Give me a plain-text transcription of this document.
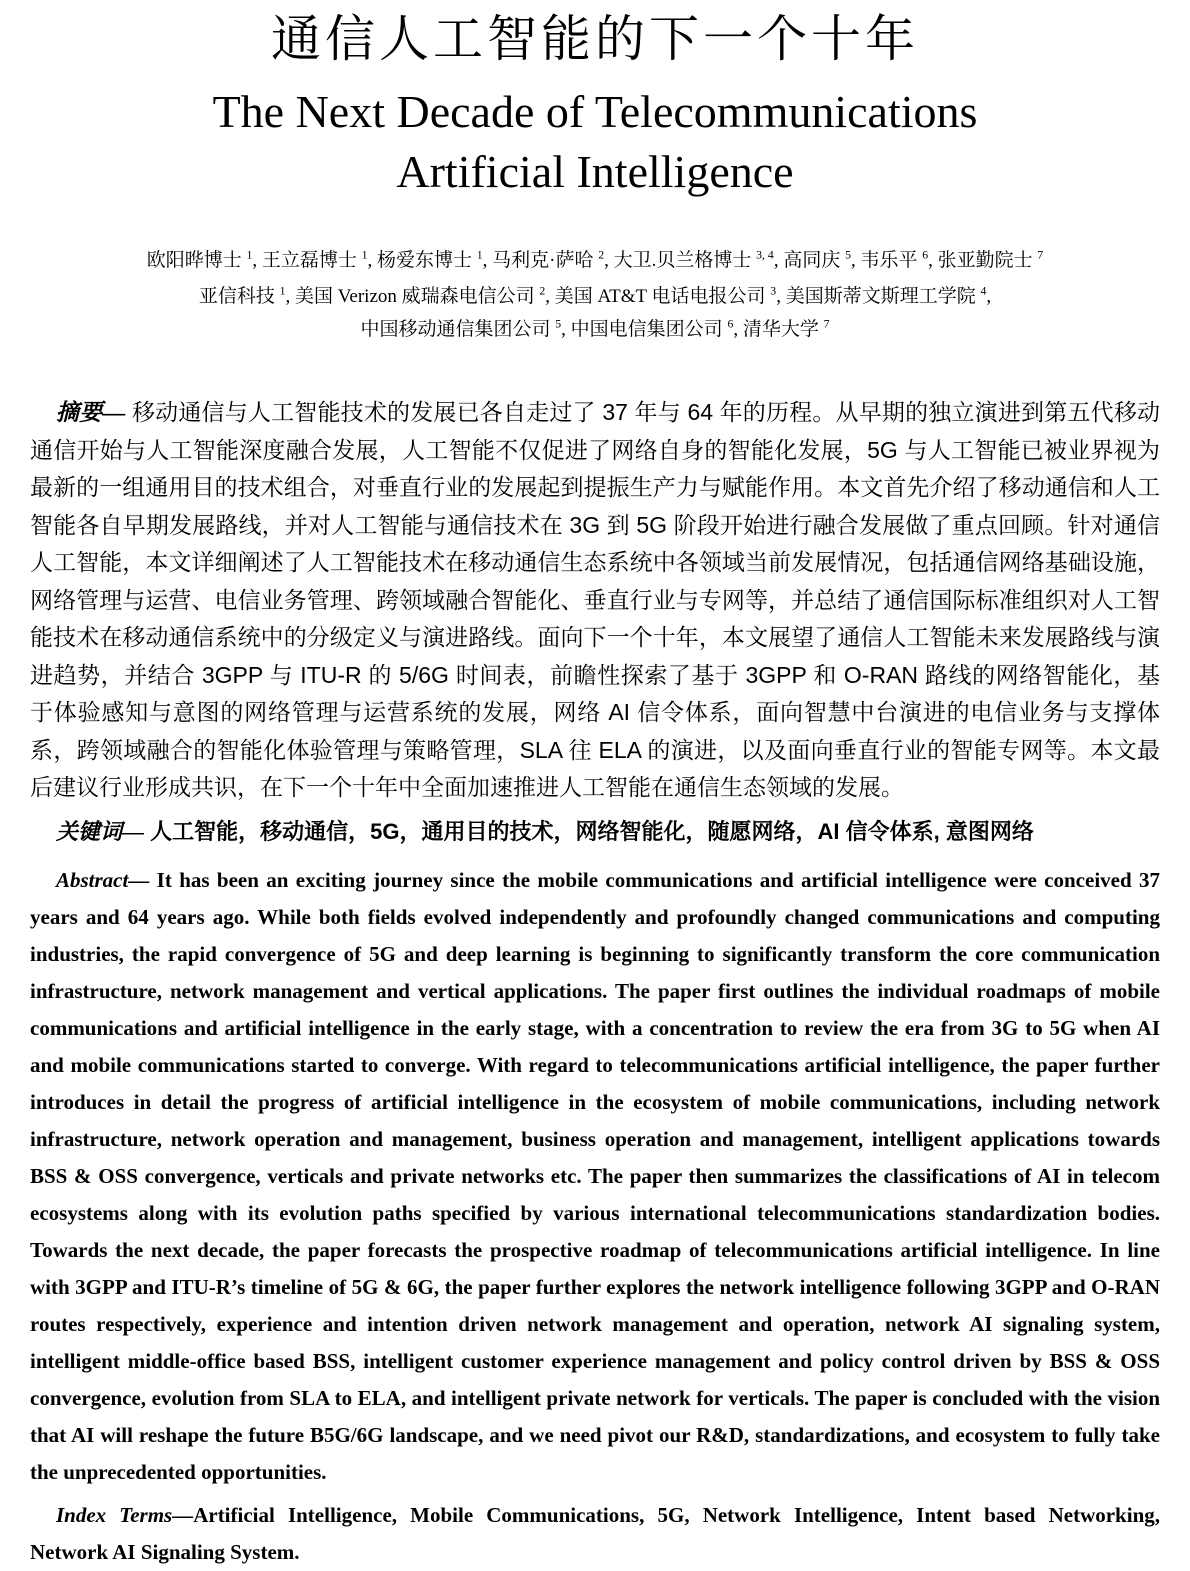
通信人工智能的下一个十年
The Next Decade of Telecommunications
Artificial Intelligence
欧阳晔博士 $^1$, 王立磊博士 $^1$, 杨爱东博士 $^1$, 马利克·萨哈 $^2$, 大卫.贝兰格博士 $^{3, 4}$, 高同庆 $^5$, 韦乐平 $^6$, 张亚勤院士 $^7$
亚信科技 $^1$, 美国 Verizon 威瑞森电信公司 $^2$, 美国 AT&T 电话电报公司 $^3$, 美国斯蒂文斯理工学院 $^4$,
中国移动通信集团公司 $^5$, 中国电信集团公司 $^6$, 清华大学 $^7$

摘要— 移动通信与人工智能技术的发展已各自走过了 37 年与 64 年的历程。从早期的独立演进到第五代移动通信开始与人工智能深度融合发展，人工智能不仅促进了网络自身的智能化发展，5G 与人工智能已被业界视为最新的一组通用目的技术组合，对垂直行业的发展起到提振生产力与赋能作用。本文首先介绍了移动通信和人工智能各自早期发展路线，并对人工智能与通信技术在 3G 到 5G 阶段开始进行融合发展做了重点回顾。针对通信人工智能，本文详细阐述了人工智能技术在移动通信生态系统中各领域当前发展情况，包括通信网络基础设施，网络管理与运营、电信业务管理、跨领域融合智能化、垂直行业与专网等，并总结了通信国际标准组织对人工智能技术在移动通信系统中的分级定义与演进路线。面向下一个十年，本文展望了通信人工智能未来发展路线与演进趋势，并结合 3GPP 与 ITU-R 的 5/6G 时间表，前瞻性探索了基于 3GPP 和 O-RAN 路线的网络智能化，基于体验感知与意图的网络管理与运营系统的发展，网络 AI 信令体系，面向智慧中台演进的电信业务与支撑体系，跨领域融合的智能化体验管理与策略管理，SLA 往 ELA 的演进，以及面向垂直行业的智能专网等。本文最后建议行业形成共识，在下一个十年中全面加速推进人工智能在通信生态领域的发展。

关键词— 人工智能，移动通信，5G，通用目的技术，网络智能化，随愿网络，AI 信令体系, 意图网络

Abstract— It has been an exciting journey since the mobile communications and artificial intelligence were conceived 37 years and 64 years ago. While both fields evolved independently and profoundly changed communications and computing industries, the rapid convergence of 5G and deep learning is beginning to significantly transform the core communication infrastructure, network management and vertical applications. The paper first outlines the individual roadmaps of mobile communications and artificial intelligence in the early stage, with a concentration to review the era from 3G to 5G when AI and mobile communications started to converge. With regard to telecommunications artificial intelligence, the paper further introduces in detail the progress of artificial intelligence in the ecosystem of mobile communications, including network infrastructure, network operation and management, business operation and management, intelligent applications towards BSS & OSS convergence, verticals and private networks etc. The paper then summarizes the classifications of AI in telecom ecosystems along with its evolution paths specified by various international telecommunications standardization bodies. Towards the next decade, the paper forecasts the prospective roadmap of telecommunications artificial intelligence. In line with 3GPP and ITU-R’s timeline of 5G & 6G, the paper further explores the network intelligence following 3GPP and O-RAN routes respectively, experience and intention driven network management and operation, network AI signaling system, intelligent middle-office based BSS, intelligent customer experience management and policy control driven by BSS & OSS convergence, evolution from SLA to ELA, and intelligent private network for verticals. The paper is concluded with the vision that AI will reshape the future B5G/6G landscape, and we need pivot our R&D, standardizations, and ecosystem to fully take the unprecedented opportunities.

Index Terms—Artificial Intelligence, Mobile Communications, 5G, Network Intelligence, Intent based Networking, Network AI Signaling System.
